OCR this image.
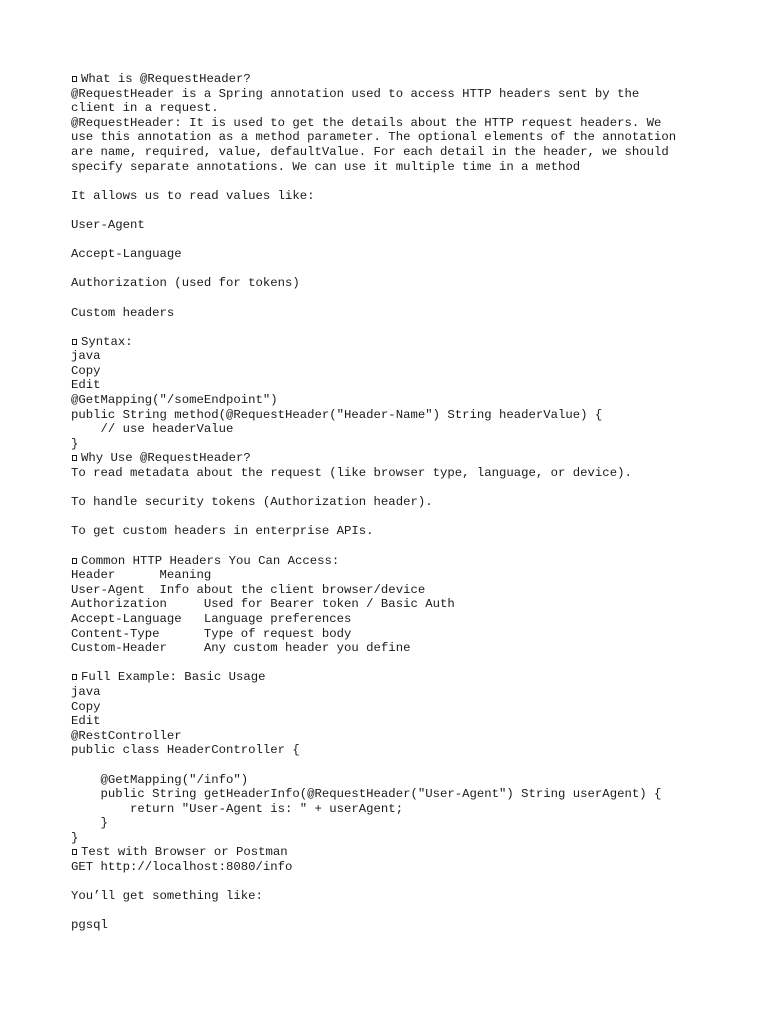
What is @RequestHeader?
@RequestHeader is a Spring annotation used to access HTTP headers sent by the
client in a request.
@RequestHeader: It is used to get the details about the HTTP request headers. We
use this annotation as a method parameter. The optional elements of the annotation
are name, required, value, defaultValue. For each detail in the header, we should
specify separate annotations. We can use it multiple time in a method
It allows us to read values like:
User-Agent
Accept-Language
Authorization (used for tokens)
Custom headers
Syntax:
java
Copy
Edit
@GetMapping("/someEndpoint")
public String method(@RequestHeader("Header-Name") String headerValue) {
// use headerValue
}
Why Use @RequestHeader?
To read metadata about the request (like browser type, language, or device).
To handle security tokens (Authorization header).
To get custom headers in enterprise APIs.
Common HTTP Headers You Can Access:
Header      Meaning
User-Agent  Info about the client browser/device
Authorization     Used for Bearer token / Basic Auth
Accept-Language   Language preferences
Content-Type      Type of request body
Custom-Header     Any custom header you define
Full Example: Basic Usage
java
Copy
Edit
@RestController
public class HeaderController {
@GetMapping("/info")
public String getHeaderInfo(@RequestHeader("User-Agent") String userAgent) {
return "User-Agent is: " + userAgent;
}
}
Test with Browser or Postman
GET http://localhost:8080/info
You’ll get something like:
pgsql
